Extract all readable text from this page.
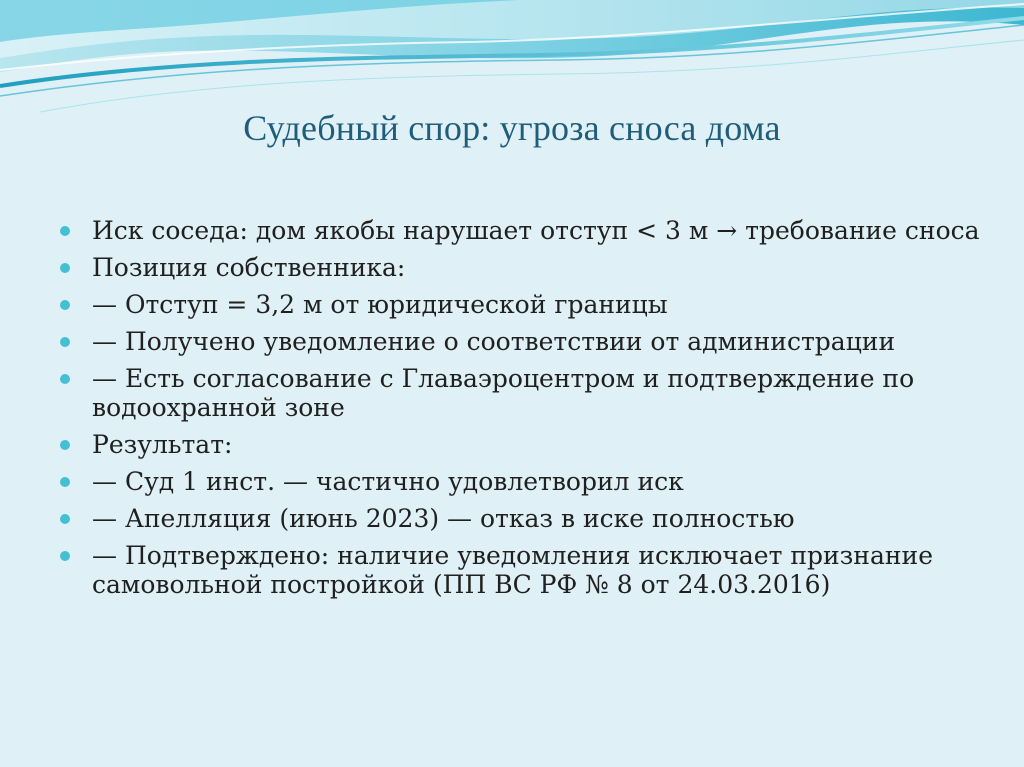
Судебный спор: угроза сноса дома
Иск соседа: дом якобы нарушает отступ < 3 м → требование сноса
Позиция собственника:
— Отступ = 3,2 м от юридической границы
— Получено уведомление о соответствии от администрации
— Есть согласование с Главаэроцентром и подтверждение по водоохранной зоне
Результат:
— Суд 1 инст. — частично удовлетворил иск
— Апелляция (июнь 2023) — отказ в иске полностью
— Подтверждено: наличие уведомления исключает признание самовольной постройкой (ПП ВС РФ № 8 от 24.03.2016)
